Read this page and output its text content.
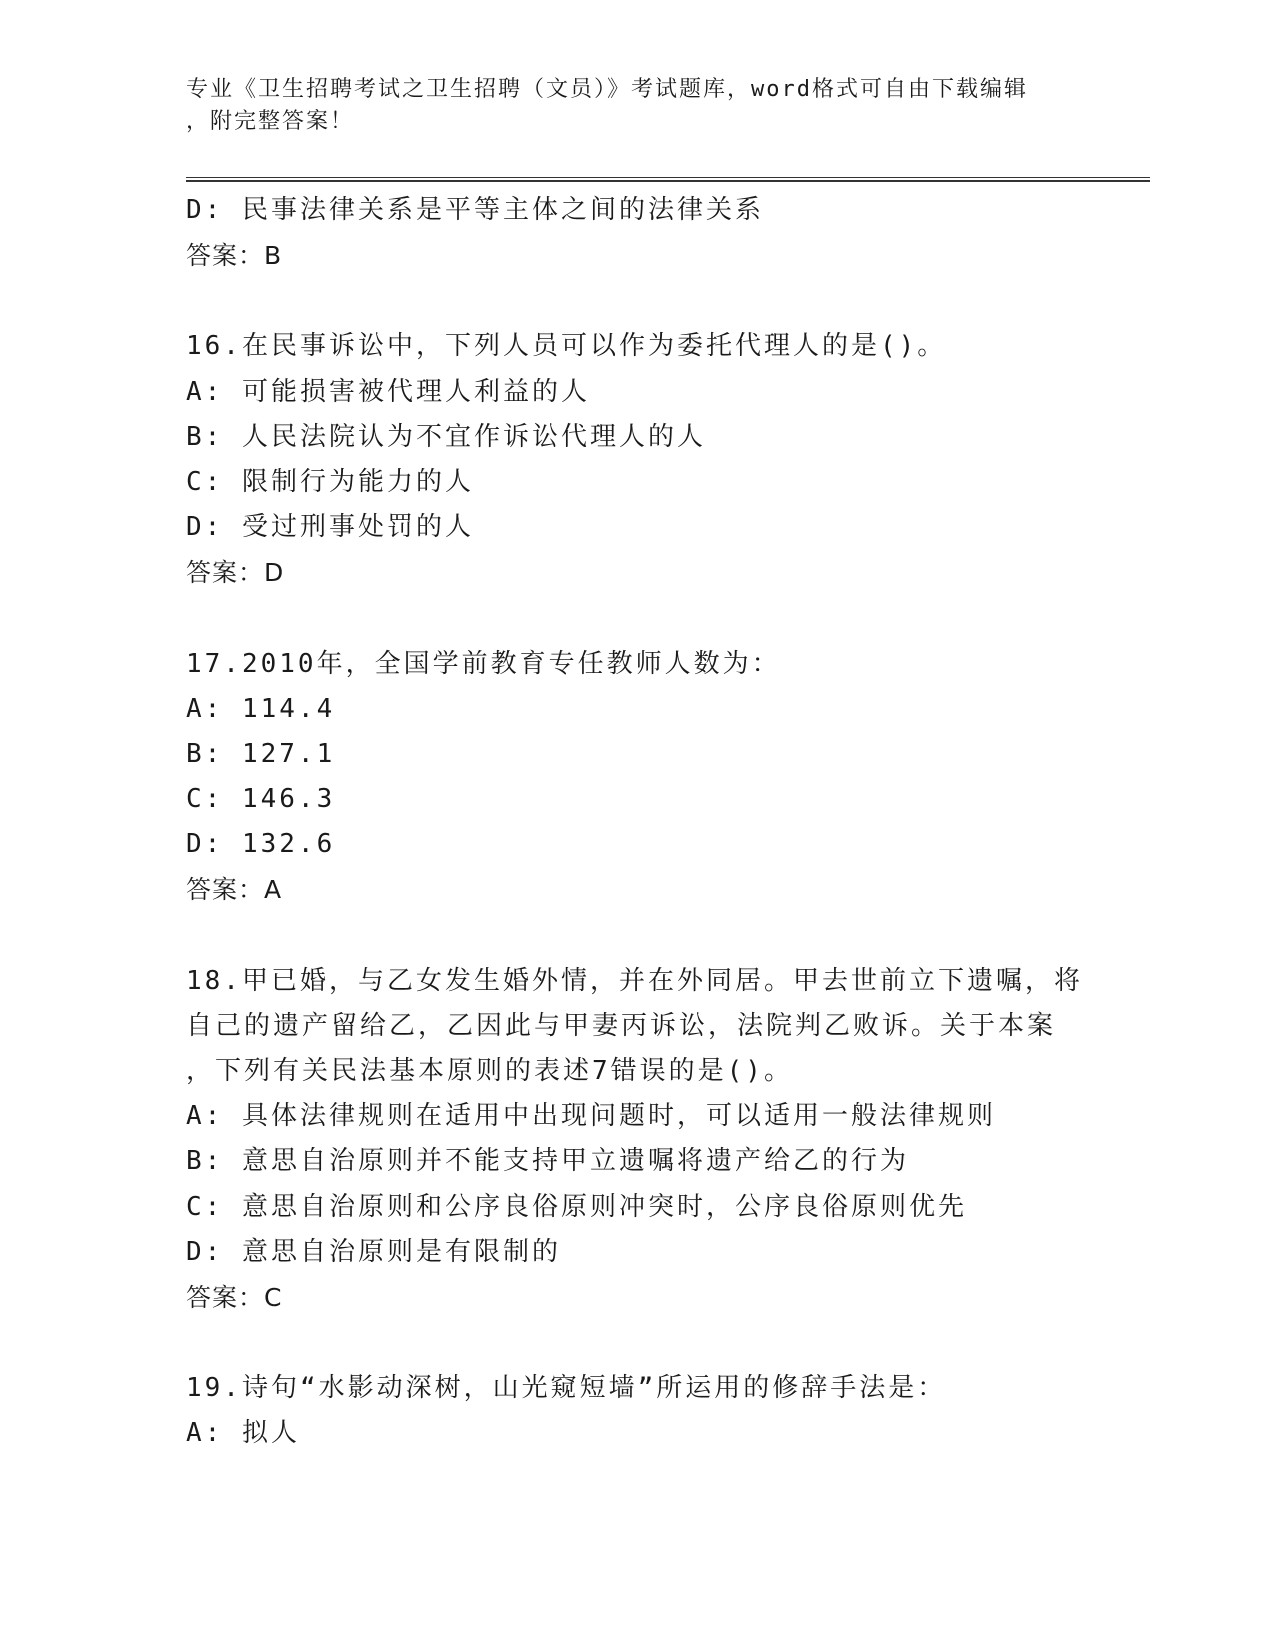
专业《卫生招聘考试之卫生招聘（文员）》考试题库，word格式可自由下载编辑
，附完整答案！
D: 民事法律关系是平等主体之间的法律关系
答案：B
16.在民事诉讼中，下列人员可以作为委托代理人的是()。
A: 可能损害被代理人利益的人
B: 人民法院认为不宜作诉讼代理人的人
C: 限制行为能力的人
D: 受过刑事处罚的人
答案：D
17.2010年，全国学前教育专任教师人数为：
A: 114.4
B: 127.1
C: 146.3
D: 132.6
答案：A
18.甲已婚，与乙女发生婚外情，并在外同居。甲去世前立下遗嘱，将
自己的遗产留给乙，乙因此与甲妻丙诉讼，法院判乙败诉。关于本案
，下列有关民法基本原则的表述7错误的是()。
A: 具体法律规则在适用中出现问题时，可以适用一般法律规则
B: 意思自治原则并不能支持甲立遗嘱将遗产给乙的行为
C: 意思自治原则和公序良俗原则冲突时，公序良俗原则优先
D: 意思自治原则是有限制的
答案：C
19.诗句“水影动深树，山光窥短墙”所运用的修辞手法是：
A: 拟人
